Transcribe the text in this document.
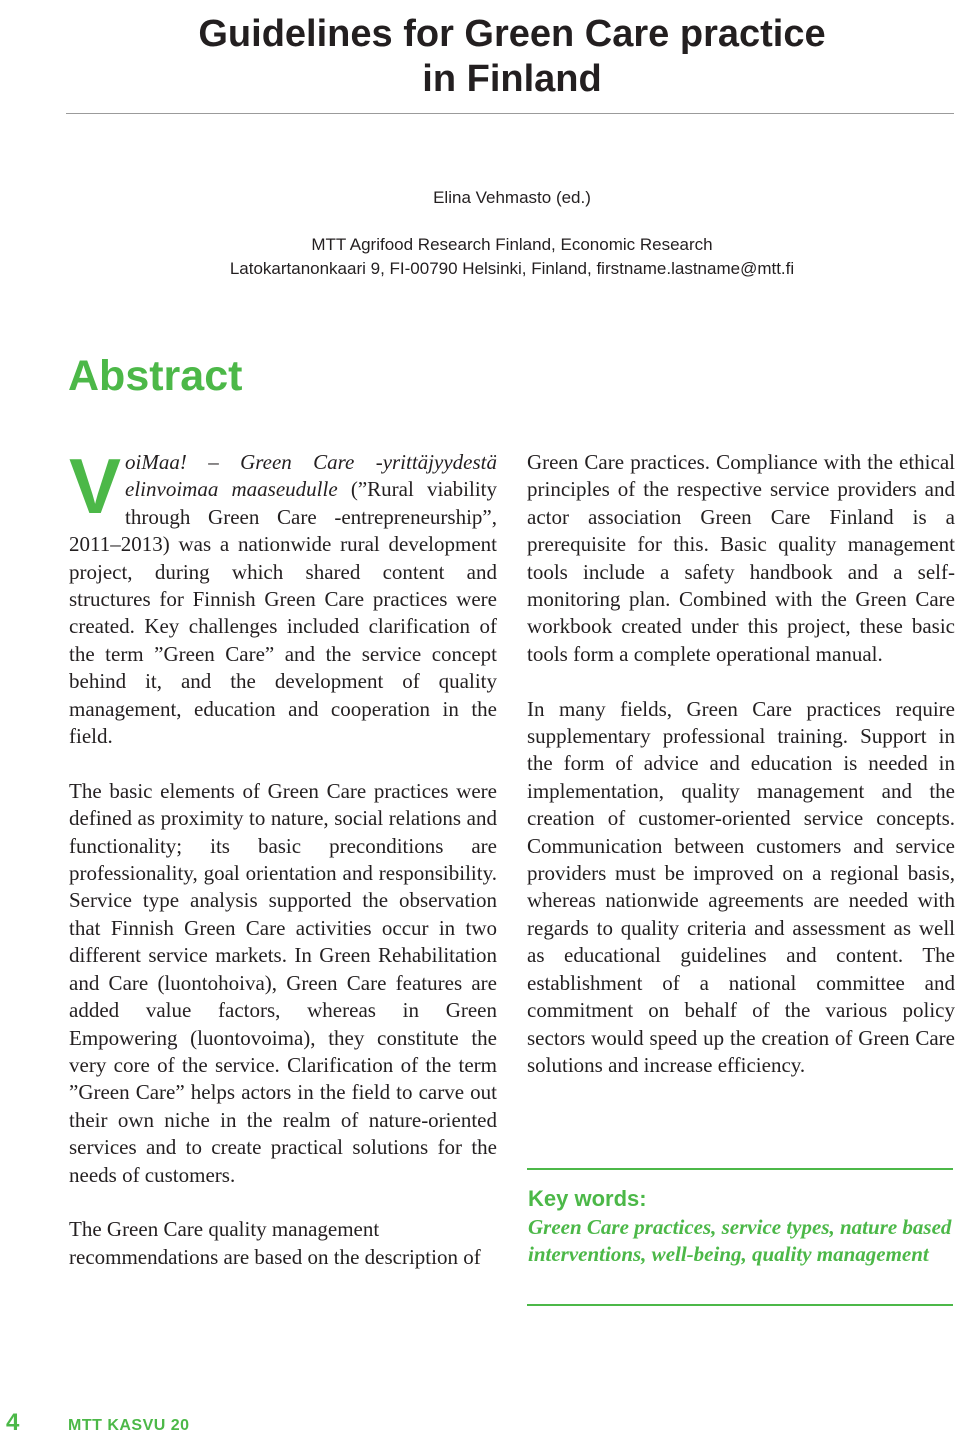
Guidelines for Green Care practice
in Finland
Elina Vehmasto (ed.)
MTT Agrifood Research Finland, Economic Research
Latokartanonkaari 9, FI-00790 Helsinki, Finland, firstname.lastname@mtt.fi
Abstract

VoiMaa! – Green Care -yrittäjyydestä elinvoimaa maaseudulle (”Rural viability through Green Care -entrepreneurship”, 2011–2013) was a nationwide rural development project, during which shared content and structures for Finnish Green Care practices were created. Key challenges included clarification of the term ”Green Care” and the service concept behind it, and the development of quality management, education and cooperation in the field.

The basic elements of Green Care practices were defined as proximity to nature, social relations and functionality; its basic preconditions are professionality, goal orientation and responsibility. Service type analysis supported the observation that Finnish Green Care activities occur in two different service markets. In Green Rehabilitation and Care (luontohoiva), Green Care features are added value factors, whereas in Green Empowering (luontovoima), they constitute the very core of the service. Clarification of the term ”Green Care” helps actors in the field to carve out their own niche in the realm of nature-oriented services and to create practical solutions for the needs of customers.

The Green Care quality management recommendations are based on the description of

Green Care practices. Compliance with the ethical principles of the respective service providers and actor association Green Care Finland is a prerequisite for this. Basic quality management tools include a safety handbook and a self-monitoring plan. Combined with the Green Care workbook created under this project, these basic tools form a complete operational manual.

In many fields, Green Care practices require supplementary professional training. Support in the form of advice and education is needed in implementation, quality management and the creation of customer-oriented service concepts. Communication between customers and service providers must be improved on a regional basis, whereas nationwide agreements are needed with regards to quality criteria and assessment as well as educational guidelines and content. The establishment of a national committee and commitment on behalf of the various policy sectors would speed up the creation of Green Care solutions and increase efficiency.

Key words:

Green Care practices, service types, nature based interventions, well-being, quality management

4	MTT KASVU 20
